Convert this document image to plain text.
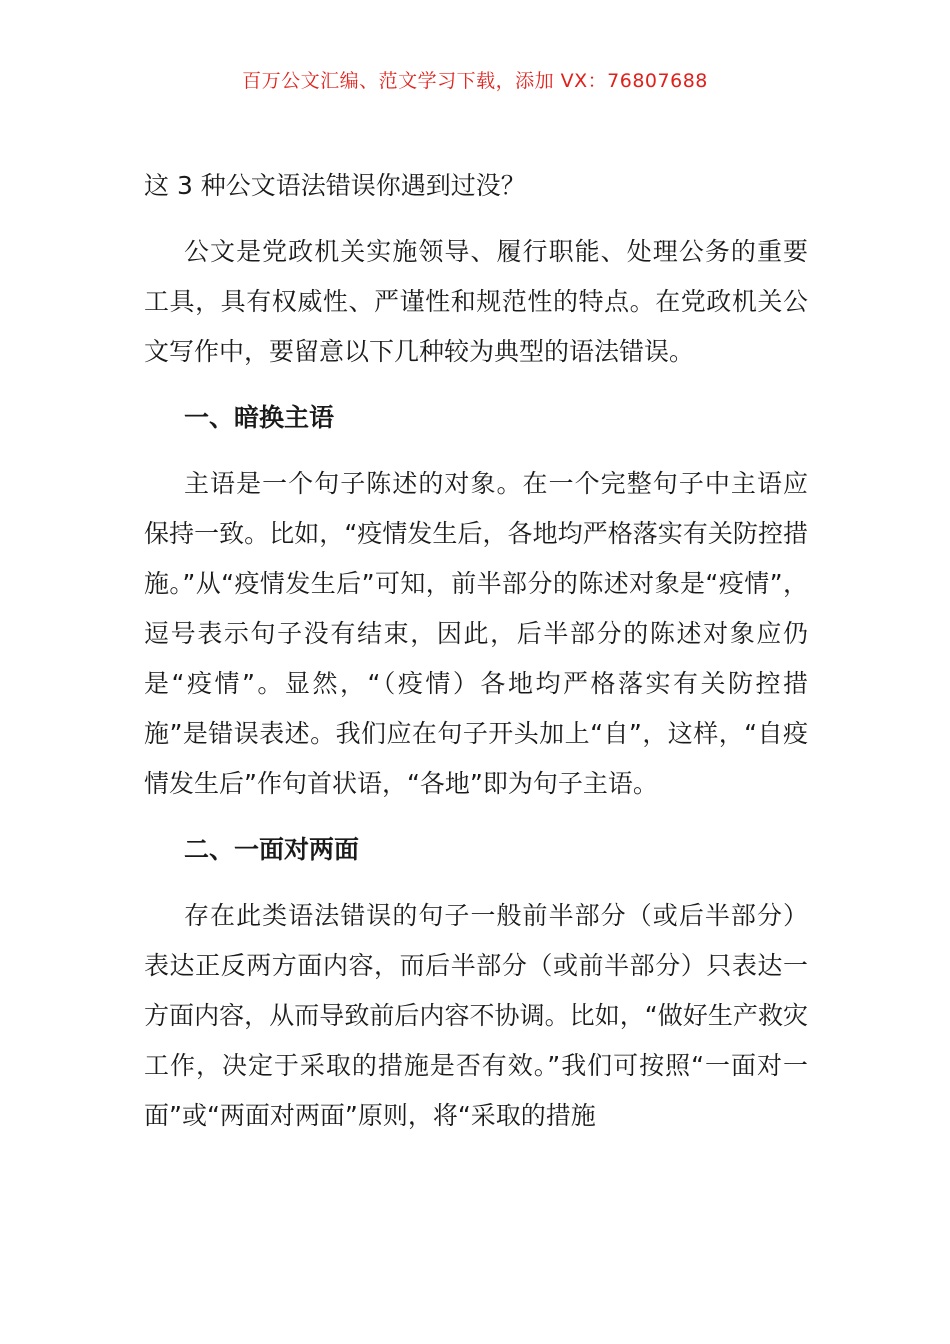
百万公文汇编、范文学习下载，添加 VX：76807688
这 3 种公文语法错误你遇到过没？

公文是党政机关实施领导、履行职能、处理公务的重要工具，具有权威性、严谨性和规范性的特点。在党政机关公文写作中，要留意以下几种较为典型的语法错误。

一、暗换主语

主语是一个句子陈述的对象。在一个完整句子中主语应保持一致。比如，“疫情发生后，各地均严格落实有关防控措施。”从“疫情发生后”可知，前半部分的陈述对象是“疫情”，逗号表示句子没有结束，因此，后半部分的陈述对象应仍是“疫情”。显然，“（疫情）各地均严格落实有关防控措施”是错误表述。我们应在句子开头加上“自”，这样，“自疫情发生后”作句首状语，“各地”即为句子主语。

二、一面对两面

存在此类语法错误的句子一般前半部分（或后半部分）表达正反两方面内容，而后半部分（或前半部分）只表达一方面内容，从而导致前后内容不协调。比如，“做好生产救灾工作，决定于采取的措施是否有效。”我们可按照“一面对一面”或“两面对两面”原则，将“采取的措施
